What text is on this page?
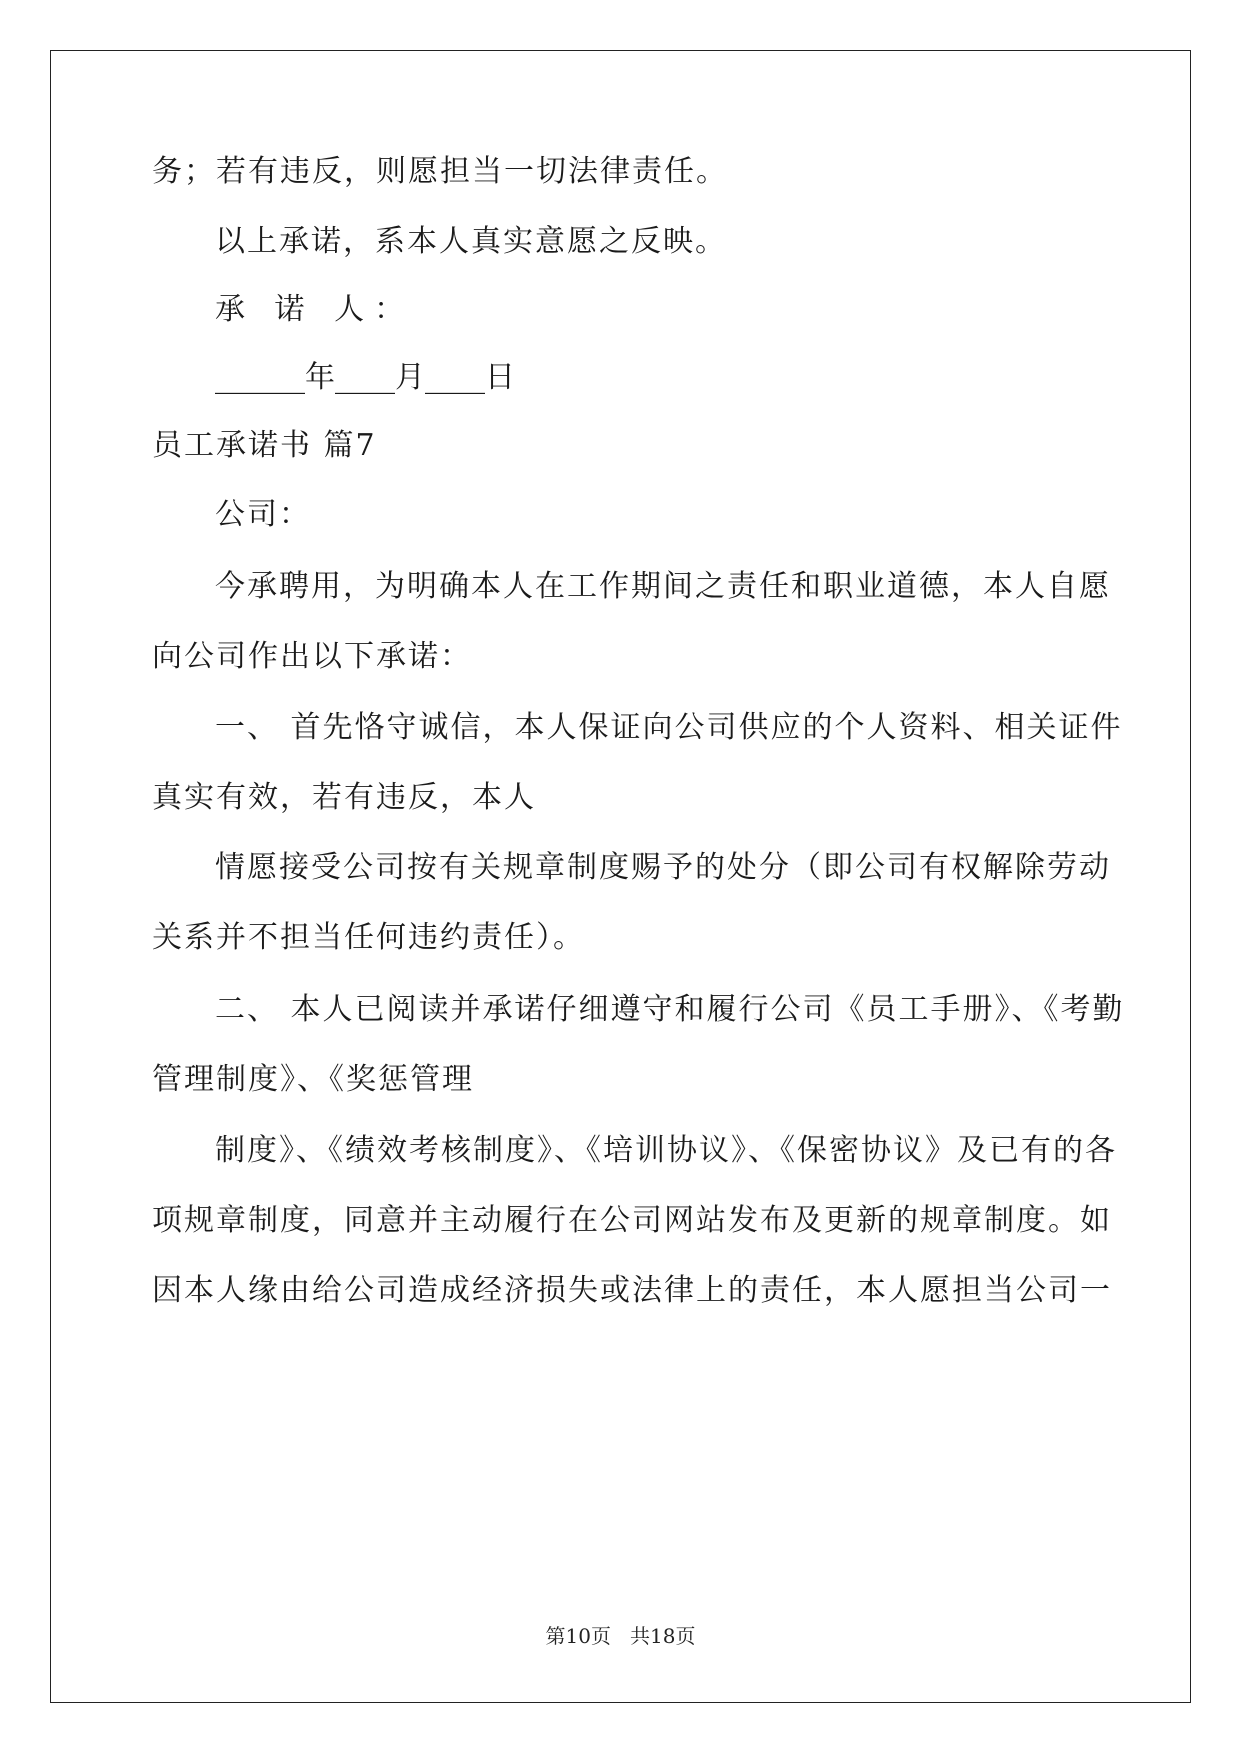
务；若有违反，则愿担当一切法律责任。
以上承诺，系本人真实意愿之反映。
承 诺 人：
______年____月____日
员工承诺书 篇7
公司：
今承聘用，为明确本人在工作期间之责任和职业道德，本人自愿
向公司作出以下承诺：
一、 首先恪守诚信，本人保证向公司供应的个人资料、相关证件
真实有效，若有违反，本人
情愿接受公司按有关规章制度赐予的处分（即公司有权解除劳动
关系并不担当任何违约责任）。
二、 本人已阅读并承诺仔细遵守和履行公司《员工手册》、《考勤
管理制度》、《奖惩管理
制度》、《绩效考核制度》、《培训协议》、《保密协议》及已有的各
项规章制度，同意并主动履行在公司网站发布及更新的规章制度。如
因本人缘由给公司造成经济损失或法律上的责任，本人愿担当公司一
第10页   共18页
